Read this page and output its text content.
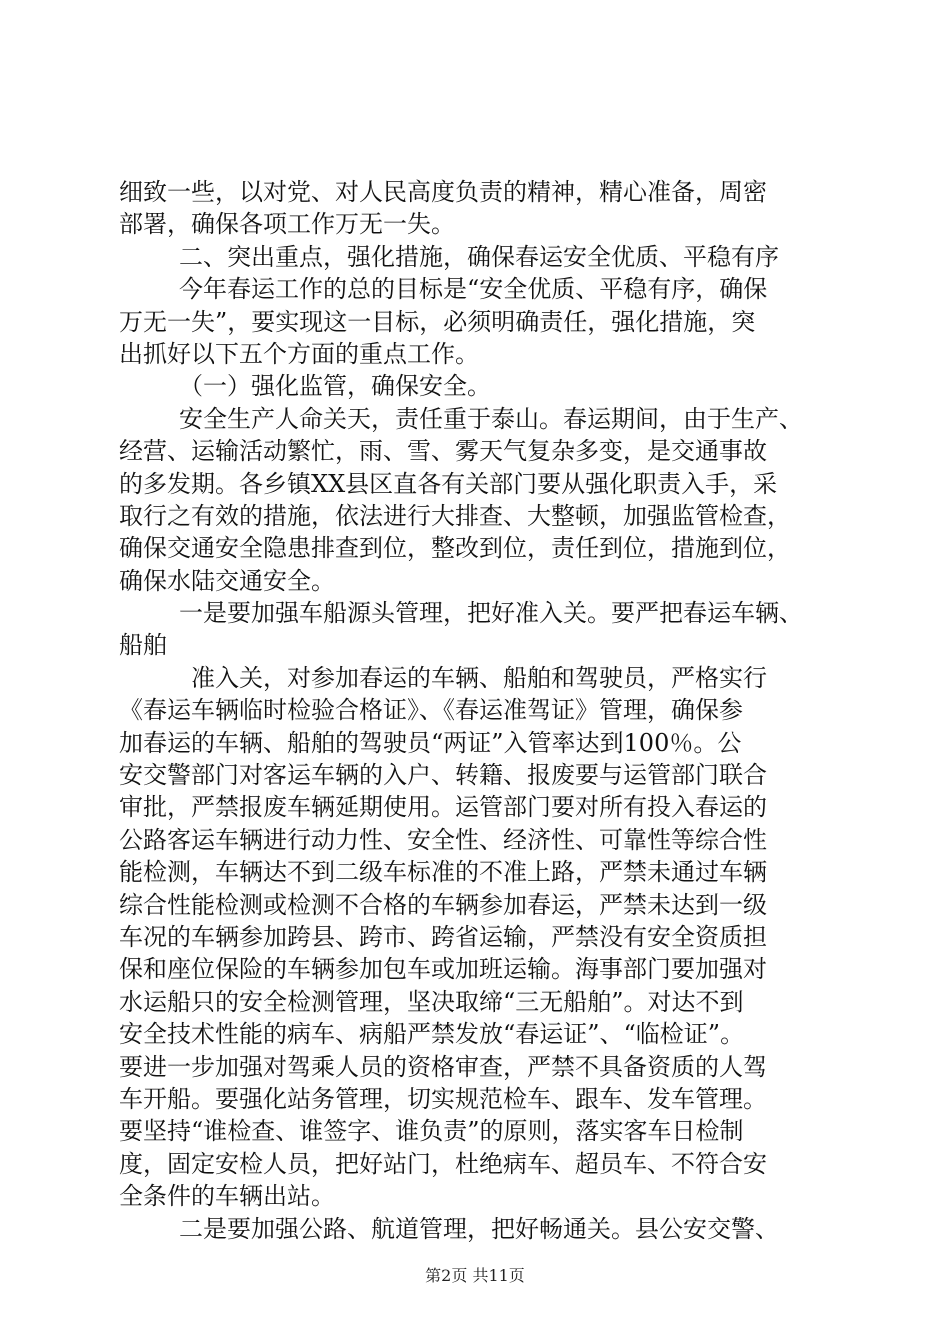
细致一些，以对党、对人民高度负责的精神，精心准备，周密
部署，确保各项工作万无一失。
二、突出重点，强化措施，确保春运安全优质、平稳有序
今年春运工作的总的目标是“安全优质、平稳有序，确保
万无一失”，要实现这一目标，必须明确责任，强化措施，突
出抓好以下五个方面的重点工作。
（一）强化监管，确保安全。
安全生产人命关天，责任重于泰山。春运期间，由于生产、
经营、运输活动繁忙，雨、雪、雾天气复杂多变，是交通事故
的多发期。各乡镇XX县区直各有关部门要从强化职责入手，采
取行之有效的措施，依法进行大排查、大整顿，加强监管检查，
确保交通安全隐患排查到位，整改到位，责任到位，措施到位，
确保水陆交通安全。
一是要加强车船源头管理，把好准入关。要严把春运车辆、
船舶
准入关，对参加春运的车辆、船舶和驾驶员，严格实行
《春运车辆临时检验合格证》、《春运准驾证》管理，确保参
加春运的车辆、船舶的驾驶员“两证”入管率达到100％。公
安交警部门对客运车辆的入户、转籍、报废要与运管部门联合
审批，严禁报废车辆延期使用。运管部门要对所有投入春运的
公路客运车辆进行动力性、安全性、经济性、可靠性等综合性
能检测，车辆达不到二级车标准的不准上路，严禁未通过车辆
综合性能检测或检测不合格的车辆参加春运，严禁未达到一级
车况的车辆参加跨县、跨市、跨省运输，严禁没有安全资质担
保和座位保险的车辆参加包车或加班运输。海事部门要加强对
水运船只的安全检测管理，坚决取缔“三无船舶”。对达不到
安全技术性能的病车、病船严禁发放“春运证”、“临检证”。
要进一步加强对驾乘人员的资格审查，严禁不具备资质的人驾
车开船。要强化站务管理，切实规范检车、跟车、发车管理。
要坚持“谁检查、谁签字、谁负责”的原则，落实客车日检制
度，固定安检人员，把好站门，杜绝病车、超员车、不符合安
全条件的车辆出站。
二是要加强公路、航道管理，把好畅通关。县公安交警、
第2页 共11页
